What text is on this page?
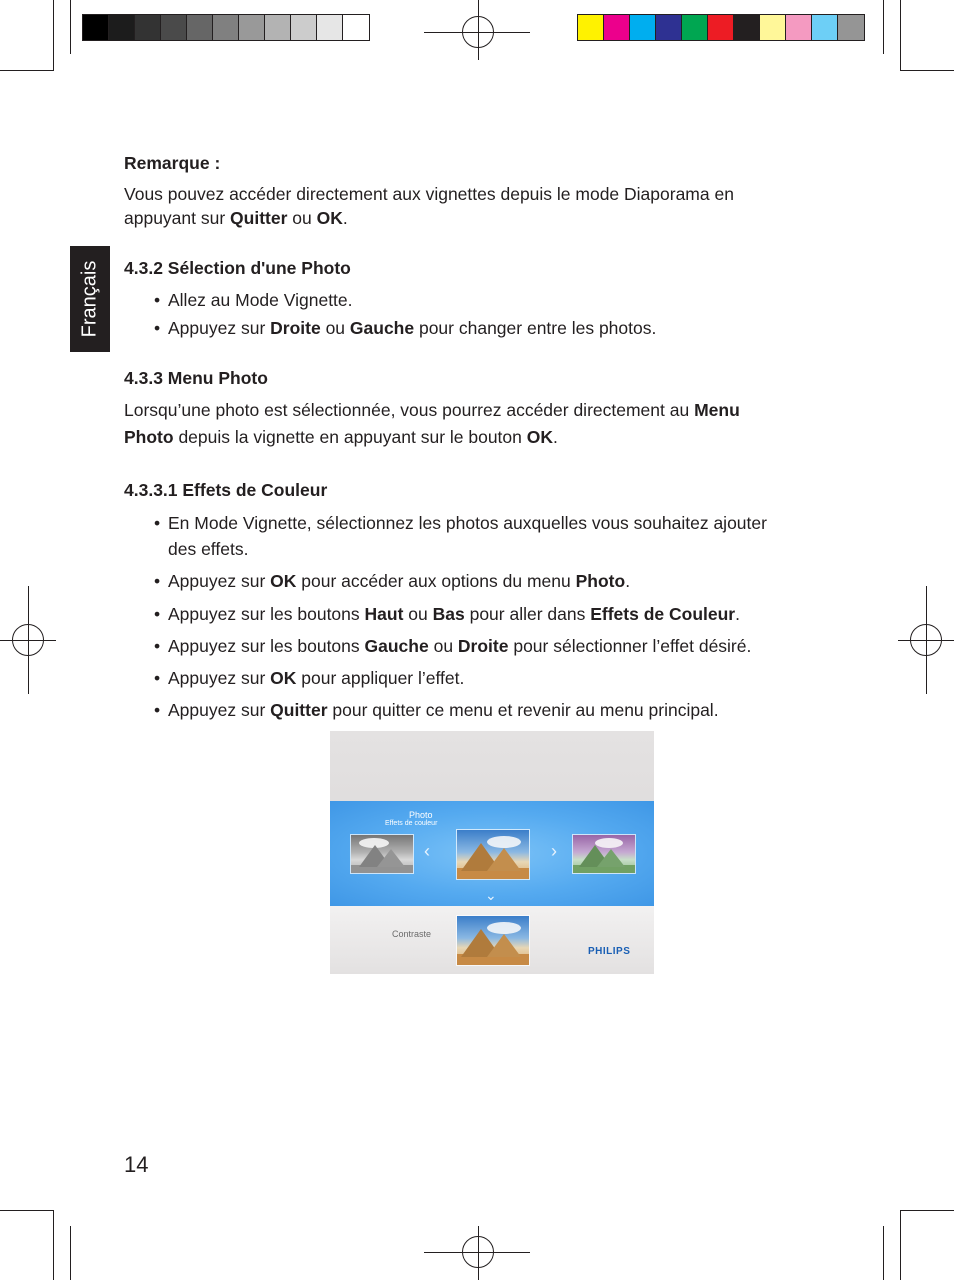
Français
Remarque :
Vous pouvez accéder directement aux vignettes depuis le mode Diaporama en
appuyant sur Quitter ou OK.
4.3.2 Sélection d'une Photo
• Allez au Mode Vignette.
• Appuyez sur Droite ou Gauche pour changer entre les photos.
4.3.3 Menu Photo
Lorsqu’une photo est sélectionnée, vous pourrez accéder directement au Menu
Photo depuis la vignette en appuyant sur le bouton OK.
4.3.3.1 Effets de Couleur
• En Mode Vignette, sélectionnez les photos auxquelles vous souhaitez ajouter
des effets.
• Appuyez sur OK pour accéder aux options du menu Photo.
• Appuyez sur les boutons Haut ou Bas pour aller dans Effets de Couleur.
• Appuyez sur les boutons Gauche ou Droite pour sélectionner l’effet désiré.
• Appuyez sur OK pour appliquer l’effet.
• Appuyez sur Quitter pour quitter ce menu et revenir au menu principal.
Photo
Effets de couleur
‹	›
⌄
Contraste
PHILIPS
14
